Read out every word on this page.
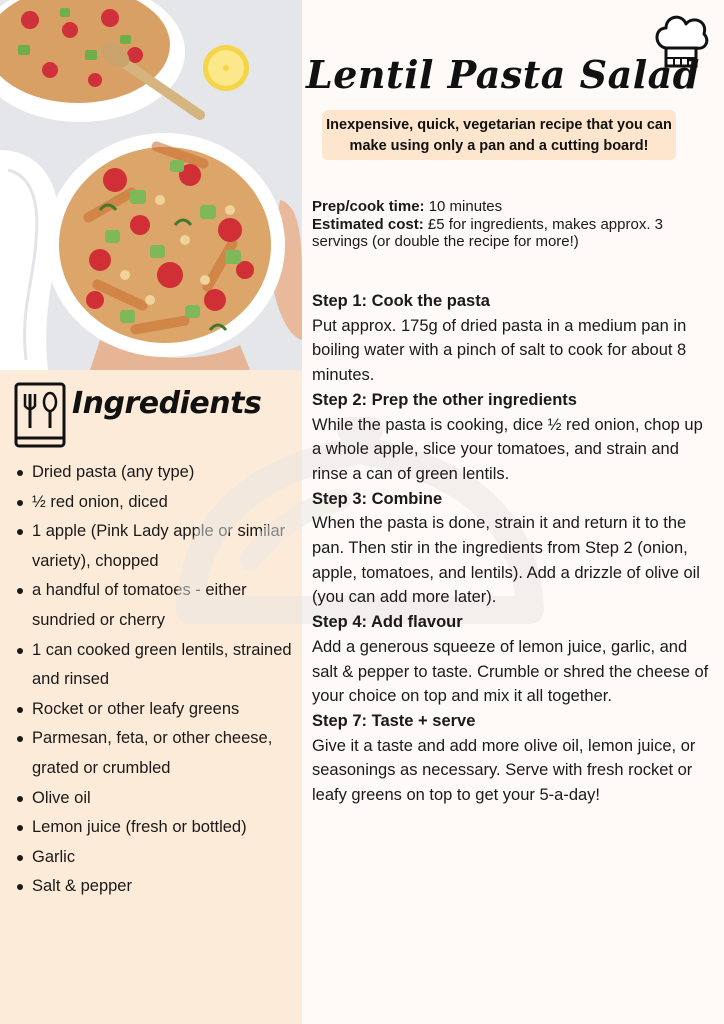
Ingredients
Dried pasta (any type)
½ red onion, diced
1 apple (Pink Lady apple or similar variety), chopped
a handful of tomatoes - either sundried or cherry
1 can cooked green lentils, strained and rinsed
Rocket or other leafy greens
Parmesan, feta, or other cheese, grated or crumbled
Olive oil
Lemon juice (fresh or bottled)
Garlic
Salt & pepper
Lentil Pasta Salad
Inexpensive, quick, vegetarian recipe that you can make using only a pan and a cutting board!
Prep/cook time: 10 minutes
Estimated cost: £5 for ingredients, makes approx. 3 servings (or double the recipe for more!)
Step 1: Cook the pasta
Put approx. 175g of dried pasta in a medium pan in boiling water with a pinch of salt to cook for about 8 minutes.
Step 2: Prep the other ingredients
While the pasta is cooking, dice ½ red onion, chop up a whole apple, slice your tomatoes, and strain and rinse a can of green lentils.
Step 3: Combine
When the pasta is done, strain it and return it to the pan. Then stir in the ingredients from Step 2 (onion, apple, tomatoes, and lentils). Add a drizzle of olive oil (you can add more later).
Step 4: Add flavour
Add a generous squeeze of lemon juice, garlic, and salt & pepper to taste. Crumble or shred the cheese of your choice on top and mix it all together.
Step 7: Taste + serve
Give it a taste and add more olive oil, lemon juice, or seasonings as necessary. Serve with fresh rocket or leafy greens on top to get your 5-a-day!
